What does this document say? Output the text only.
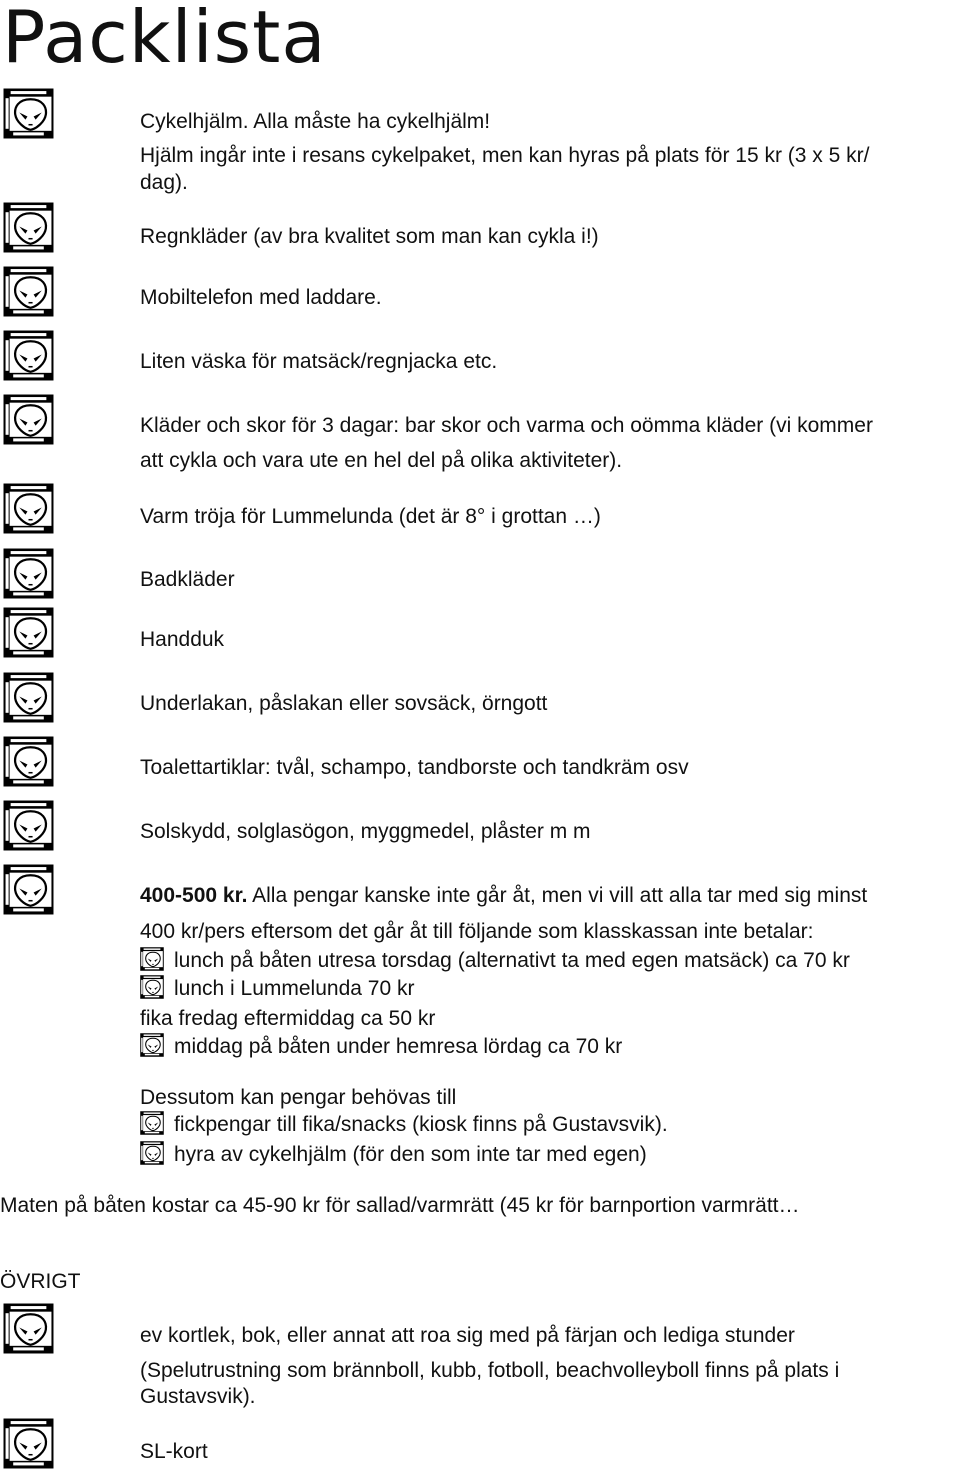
Packlista
Cykelhjälm. Alla måste ha cykelhjälm!
Hjälm ingår inte i resans cykelpaket, men kan hyras på plats för 15 kr (3 x 5 kr/
dag).
Regnkläder (av bra kvalitet som man kan cykla i!)
Mobiltelefon med laddare.
Liten väska för matsäck/regnjacka etc.
Kläder och skor för 3 dagar: bar skor och varma och oömma kläder (vi kommer
att cykla och vara ute en hel del på olika aktiviteter).
Varm tröja för Lummelunda (det är 8° i grottan …)
Badkläder
Handduk
Underlakan, påslakan eller sovsäck, örngott
Toalettartiklar: tvål, schampo, tandborste och tandkräm osv
Solskydd, solglasögon, myggmedel, plåster m m
400-500 kr. Alla pengar kanske inte går åt, men vi vill att alla tar med sig minst
400 kr/pers eftersom det går åt till följande som klasskassan inte betalar:
lunch på båten utresa torsdag (alternativt ta med egen matsäck) ca 70 kr
lunch i Lummelunda 70 kr
fika fredag eftermiddag ca 50 kr
middag på båten under hemresa lördag ca 70 kr
Dessutom kan pengar behövas till
fickpengar till fika/snacks (kiosk finns på Gustavsvik).
hyra av cykelhjälm (för den som inte tar med egen)
Maten på båten kostar ca 45-90 kr för sallad/varmrätt (45 kr för barnportion varmrätt…
ÖVRIGT
ev kortlek, bok, eller annat att roa sig med på färjan och lediga stunder
(Spelutrustning som brännboll, kubb, fotboll, beachvolleyboll finns på plats i Gustavsvik).
SL-kort
